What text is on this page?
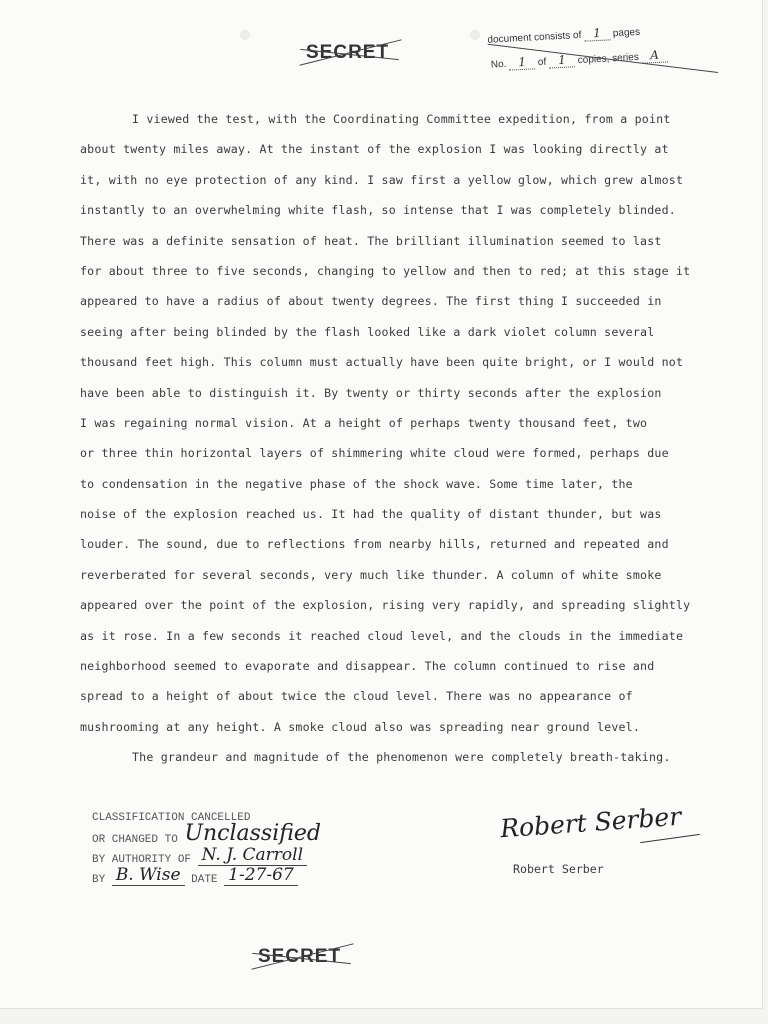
SECRET
document consists of 1 pages
No. 1 of 1 copies, series A
I viewed the test, with the Coordinating Committee expedition, from a point
about twenty miles away. At the instant of the explosion I was looking directly at
it, with no eye protection of any kind. I saw first a yellow glow, which grew almost
instantly to an overwhelming white flash, so intense that I was completely blinded.
There was a definite sensation of heat. The brilliant illumination seemed to last
for about three to five seconds, changing to yellow and then to red; at this stage it
appeared to have a radius of about twenty degrees. The first thing I succeeded in
seeing after being blinded by the flash looked like a dark violet column several
thousand feet high. This column must actually have been quite bright, or I would not
have been able to distinguish it. By twenty or thirty seconds after the explosion
I was regaining normal vision. At a height of perhaps twenty thousand feet, two
or three thin horizontal layers of shimmering white cloud were formed, perhaps due
to condensation in the negative phase of the shock wave. Some time later, the
noise of the explosion reached us. It had the quality of distant thunder, but was
louder. The sound, due to reflections from nearby hills, returned and repeated and
reverberated for several seconds, very much like thunder. A column of white smoke
appeared over the point of the explosion, rising very rapidly, and spreading slightly
as it rose. In a few seconds it reached cloud level, and the clouds in the immediate
neighborhood seemed to evaporate and disappear. The column continued to rise and
spread to a height of about twice the cloud level. There was no appearance of
mushrooming at any height. A smoke cloud also was spreading near ground level.
The grandeur and magnitude of the phenomenon were completely breath-taking.
CLASSIFICATION CANCELLED
OR CHANGED TO Unclassified
BY AUTHORITY OF N. J. Carroll
BY B. Wise DATE 1-27-67
Robert Serber
Robert Serber
SECRET
